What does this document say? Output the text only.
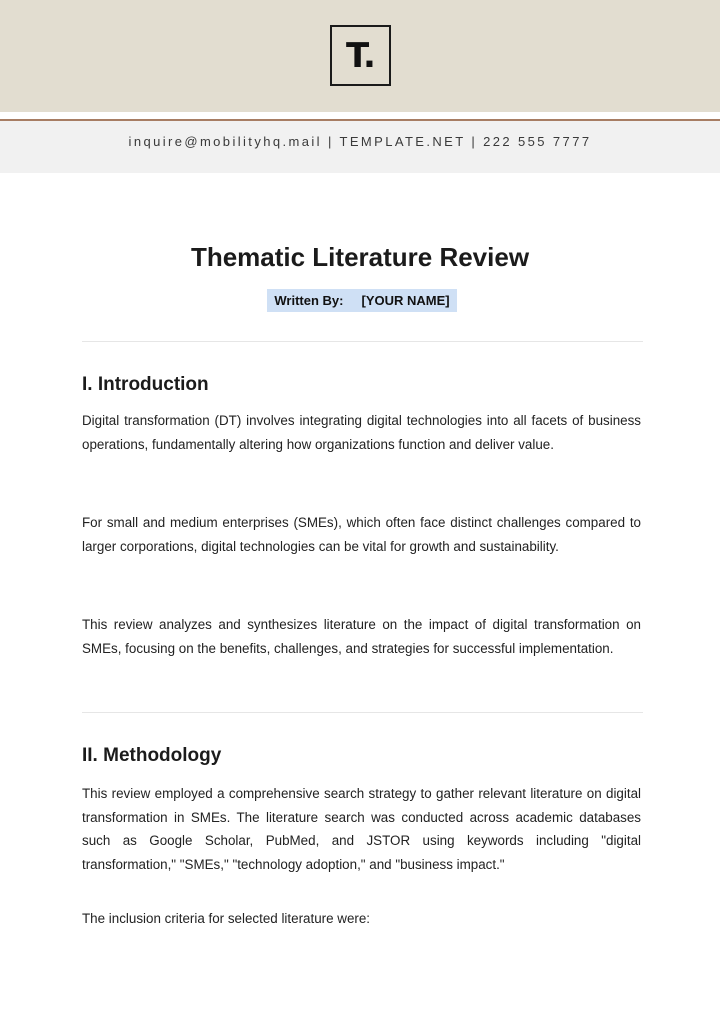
T.
inquire@mobilityhq.mail | TEMPLATE.NET | 222 555 7777
Thematic Literature Review
Written By: [YOUR NAME]
I. Introduction

Digital transformation (DT) involves integrating digital technologies into all facets of business operations, fundamentally altering how organizations function and deliver value.

For small and medium enterprises (SMEs), which often face distinct challenges compared to larger corporations, digital technologies can be vital for growth and sustainability.

This review analyzes and synthesizes literature on the impact of digital transformation on SMEs, focusing on the benefits, challenges, and strategies for successful implementation.

II. Methodology

This review employed a comprehensive search strategy to gather relevant literature on digital transformation in SMEs. The literature search was conducted across academic databases such as Google Scholar, PubMed, and JSTOR using keywords including "digital transformation," "SMEs," "technology adoption," and "business impact."

The inclusion criteria for selected literature were:
